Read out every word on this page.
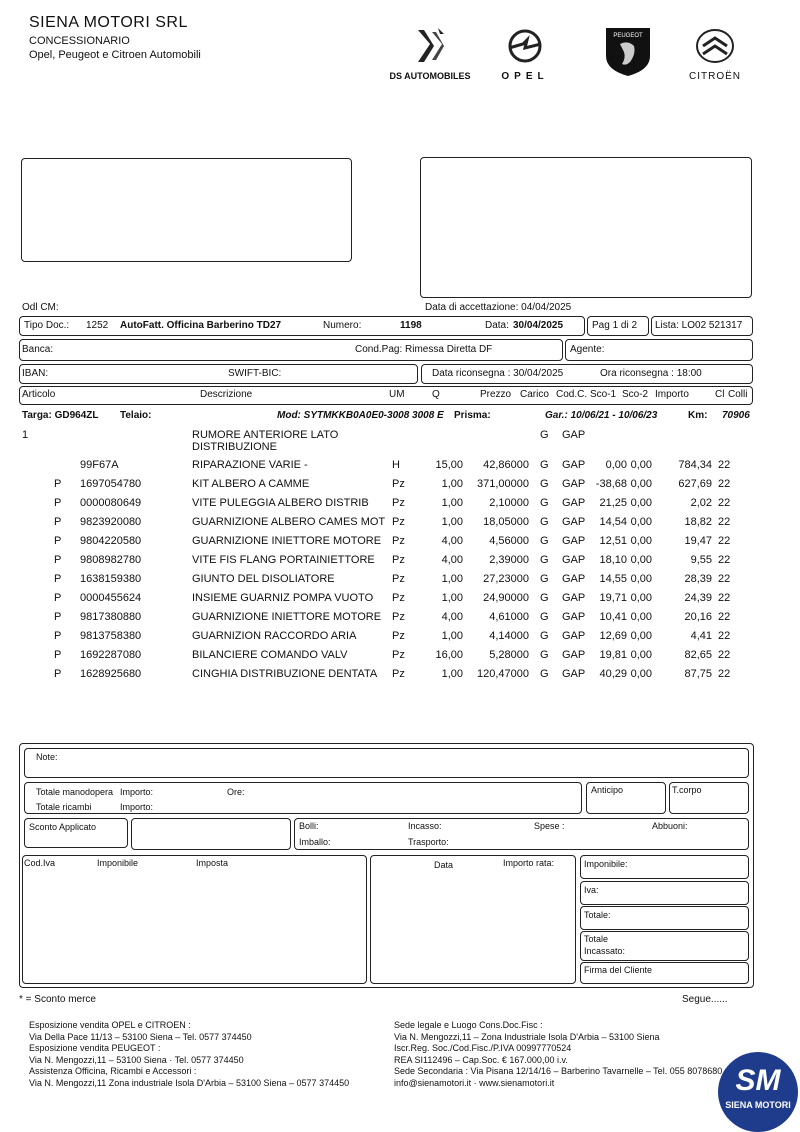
SIENA MOTORI SRL
CONCESSIONARIO
Opel, Peugeot e Citroen Automobili
DS AUTOMOBILES	OPEL
PEUGEOT
CITROËN
Odl CM:	Data di accettazione: 04/04/2025
Tipo Doc.: 1252 AutoFatt. Officina Barberino TD27	Numero:	1198	Data: 30/04/2025	Pag 1 di 2 Lista: LO02 521317
Banca:	Cond.Pag: Rimessa Diretta DF	Agente:
IBAN:	SWIFT-BIC:	Data riconsegna : 30/04/2025	Ora riconsegna : 18:00
Articolo	Descrizione	UM	Q	Prezzo Carico Cod.C. Sco-1 Sco-2 Importo	Cl Colli
Targa: GD964ZL Telaio:	Mod: SYTMKKB0A0E0-3008 3008 E Prisma:	Gar.: 10/06/21 - 10/06/23	Km: 70906
1	RUMORE ANTERIORE LATO
DISTRIBUZIONE
G GAP
99F67A	RIPARAZIONE VARIE -	H	15,00 42,86000 G GAP 0,00 0,00 784,34 22
P 1697054780	KIT ALBERO A CAMME	Pz	1,00 371,00000 G GAP -38,68 0,00 627,69 22
P 0000080649	VITE PULEGGIA ALBERO DISTRIB Pz	1,00 2,10000 G GAP 21,25 0,00	2,02 22
P 9823920080	GUARNIZIONE ALBERO CAMES MOT Pz	1,00 18,05000 G GAP 14,54 0,00	18,82 22
P 9804220580	GUARNIZIONE INIETTORE MOTORE Pz	4,00 4,56000 G GAP 12,51 0,00	19,47 22
P 9808982780	VITE FIS FLANG PORTAINIETTORE Pz	4,00 2,39000 G GAP 18,10 0,00	9,55 22
P 1638159380	GIUNTO DEL DISOLIATORE	Pz	1,00 27,23000 G GAP 14,55 0,00	28,39 22
P 0000455624	INSIEME GUARNIZ POMPA VUOTO Pz	1,00 24,90000 G GAP 19,71 0,00	24,39 22
P 9817380880	GUARNIZIONE INIETTORE MOTORE Pz	4,00 4,61000 G GAP 10,41 0,00	20,16 22
P 9813758380	GUARNIZION RACCORDO ARIA	Pz	1,00 4,14000 G GAP 12,69 0,00	4,41 22
P 1692287080	BILANCIERE COMANDO VALV	Pz	16,00 5,28000 G GAP 19,81 0,00	82,65 22
P 1628925680	CINGHIA DISTRIBUZIONE DENTATA Pz	1,00 120,47000 G GAP 40,29 0,00	87,75 22
Note:
Totale manodopera Importo:	Ore:
Totale ricambi	Importo:
Anticipo	T.corpo
Sconto Applicato	Bolli:
Imballo:
Incasso:
Trasporto:
Spese :	Abbuoni:
Cod.Iva	Imponibile	Imposta	Data	Importo rata:	Imponibile:
Iva:
Totale:
Totale
Incassato:
Firma del Cliente
* = Sconto merce	Segue......
Esposizione vendita OPEL e CITROEN :
Via Della Pace 11/13 – 53100 Siena – Tel. 0577 374450
Esposizione vendita PEUGEOT :
Via N. Mengozzi,11 – 53100 Siena · Tel. 0577 374450
Assistenza Officina, Ricambi e Accessori :
Via N. Mengozzi,11 Zona industriale Isola D'Arbia – 53100 Siena – 0577 374450
Sede legale e Luogo Cons.Doc.Fisc :
Via N. Mengozzi,11 – Zona Industriale Isola D'Arbia – 53100 Siena
Iscr.Reg. Soc./Cod.Fisc./P.IVA 00997770524
REA SI112496 – Cap.Soc. € 167.000,00 i.v.
Sede Secondaria : Via Pisana 12/14/16 – Barberino Tavarnelle – Tel. 055 8078680
info@sienamotori.it · www.sienamotori.it	SM
SIENA MOTORI
